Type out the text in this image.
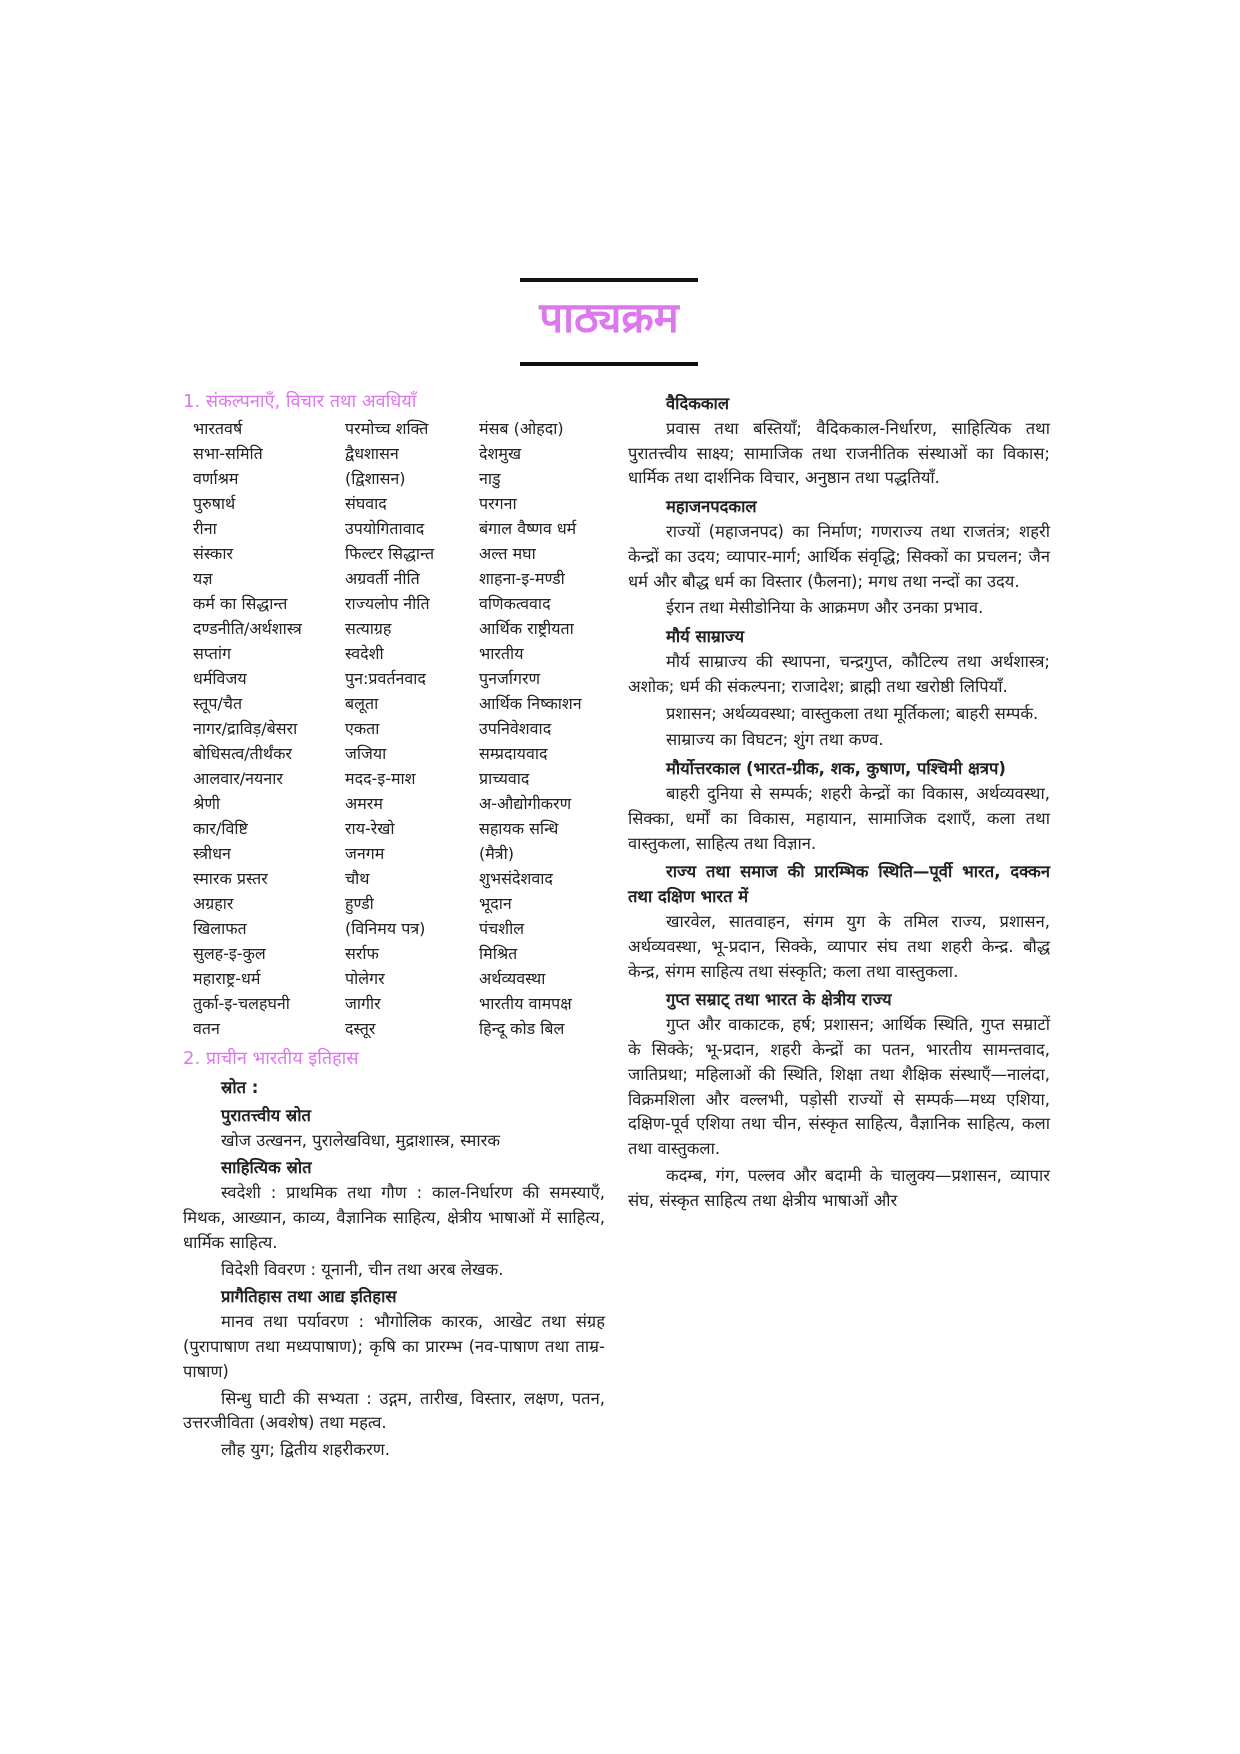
पाठ्यक्रम
1. संकल्पनाएँ, विचार तथा अवधियाँ
भारतवर्ष	परमोच्च शक्ति	मंसब (ओहदा)
सभा-समिति	द्वैधशासन	देशमुख
वर्णाश्रम	(द्विशासन)	नाडु
पुरुषार्थ	संघवाद	परगना
रीना	उपयोगितावाद	बंगाल वैष्णव धर्म
संस्कार	फिल्टर सिद्धान्त	अल्त मघा
यज्ञ	अग्रवर्ती नीति	शाहना-इ-मण्डी
कर्म का सिद्धान्त	राज्यलोप नीति	वणिकत्ववाद
दण्डनीति/अर्थशास्त्र	सत्याग्रह	आर्थिक राष्ट्रीयता
सप्तांग	स्वदेशी	भारतीय
धर्मविजय	पुन:प्रवर्तनवाद	पुनर्जागरण
स्तूप/चैत	बलूता	आर्थिक निष्काशन
नागर/द्राविड़/बेसरा	एकता	उपनिवेशवाद
बोधिसत्व/तीर्थंकर	जजिया	सम्प्रदायवाद
आलवार/नयनार	मदद-इ-माश	प्राच्यवाद
श्रेणी	अमरम	अ-औद्योगीकरण
कार/विष्टि	राय-रेखो	सहायक सन्धि
स्त्रीधन	जनगम	(मैत्री)
स्मारक प्रस्तर	चौथ	शुभसंदेशवाद
अग्रहार	हुण्डी	भूदान
खिलाफत	(विनिमय पत्र)	पंचशील
सुलह-इ-कुल	सर्राफ	मिश्रित
महाराष्ट्र-धर्म	पोलेगर	अर्थव्यवस्था
तुर्का-इ-चलहघनी	जागीर	भारतीय वामपक्ष
वतन	दस्तूर	हिन्दू कोड बिल
2. प्राचीन भारतीय इतिहास
स्रोत :
पुरातत्त्वीय स्रोत

खोज उत्खनन, पुरालेखविधा, मुद्राशास्त्र, स्मारक

साहित्यिक स्रोत

स्वदेशी : प्राथमिक तथा गौण : काल-निर्धारण की समस्याएँ, मिथक, आख्यान, काव्य, वैज्ञानिक साहित्य, क्षेत्रीय भाषाओं में साहित्य, धार्मिक साहित्य.

विदेशी विवरण : यूनानी, चीन तथा अरब लेखक.

प्रागैतिहास तथा आद्य इतिहास

मानव तथा पर्यावरण : भौगोलिक कारक, आखेट तथा संग्रह (पुरापाषाण तथा मध्यपाषाण); कृषि का प्रारम्भ (नव-पाषाण तथा ताम्र-पाषाण)

सिन्धु घाटी की सभ्यता : उद्गम, तारीख, विस्तार, लक्षण, पतन, उत्तरजीविता (अवशेष) तथा महत्व.

लौह युग; द्वितीय शहरीकरण.

वैदिककाल

प्रवास तथा बस्तियाँ; वैदिककाल-निर्धारण, साहित्यिक तथा पुरातत्त्वीय साक्ष्य; सामाजिक तथा राजनीतिक संस्थाओं का विकास; धार्मिक तथा दार्शनिक विचार, अनुष्ठान तथा पद्धतियाँ.

महाजनपदकाल

राज्यों (महाजनपद) का निर्माण; गणराज्य तथा राजतंत्र; शहरी केन्द्रों का उदय; व्यापार-मार्ग; आर्थिक संवृद्धि; सिक्कों का प्रचलन; जैन धर्म और बौद्ध धर्म का विस्तार (फैलना); मगध तथा नन्दों का उदय.

ईरान तथा मेसीडोनिया के आक्रमण और उनका प्रभाव.

मौर्य साम्राज्य

मौर्य साम्राज्य की स्थापना, चन्द्रगुप्त, कौटिल्य तथा अर्थशास्त्र; अशोक; धर्म की संकल्पना; राजादेश; ब्राह्मी तथा खरोष्ठी लिपियाँ.

प्रशासन; अर्थव्यवस्था; वास्तुकला तथा मूर्तिकला; बाहरी सम्पर्क.

साम्राज्य का विघटन; शुंग तथा कण्व.

मौर्योत्तरकाल (भारत-ग्रीक, शक, कुषाण, पश्चिमी क्षत्रप)

बाहरी दुनिया से सम्पर्क; शहरी केन्द्रों का विकास, अर्थव्यवस्था, सिक्का, धर्मों का विकास, महायान, सामाजिक दशाएँ, कला तथा वास्तुकला, साहित्य तथा विज्ञान.

राज्य तथा समाज की प्रारम्भिक स्थिति—पूर्वी भारत, दक्कन तथा दक्षिण भारत में

खारवेल, सातवाहन, संगम युग के तमिल राज्य, प्रशासन, अर्थव्यवस्था, भू-प्रदान, सिक्के, व्यापार संघ तथा शहरी केन्द्र. बौद्ध केन्द्र, संगम साहित्य तथा संस्कृति; कला तथा वास्तुकला.

गुप्त सम्राट् तथा भारत के क्षेत्रीय राज्य

गुप्त और वाकाटक, हर्ष; प्रशासन; आर्थिक स्थिति, गुप्त सम्राटों के सिक्के; भू-प्रदान, शहरी केन्द्रों का पतन, भारतीय सामन्तवाद, जातिप्रथा; महिलाओं की स्थिति, शिक्षा तथा शैक्षिक संस्थाएँ—नालंदा, विक्रमशिला और वल्लभी, पड़ोसी राज्यों से सम्पर्क—मध्य एशिया, दक्षिण-पूर्व एशिया तथा चीन, संस्कृत साहित्य, वैज्ञानिक साहित्य, कला तथा वास्तुकला.

कदम्ब, गंग, पल्लव और बदामी के चालुक्य—प्रशासन, व्यापार संघ, संस्कृत साहित्य तथा क्षेत्रीय भाषाओं और
